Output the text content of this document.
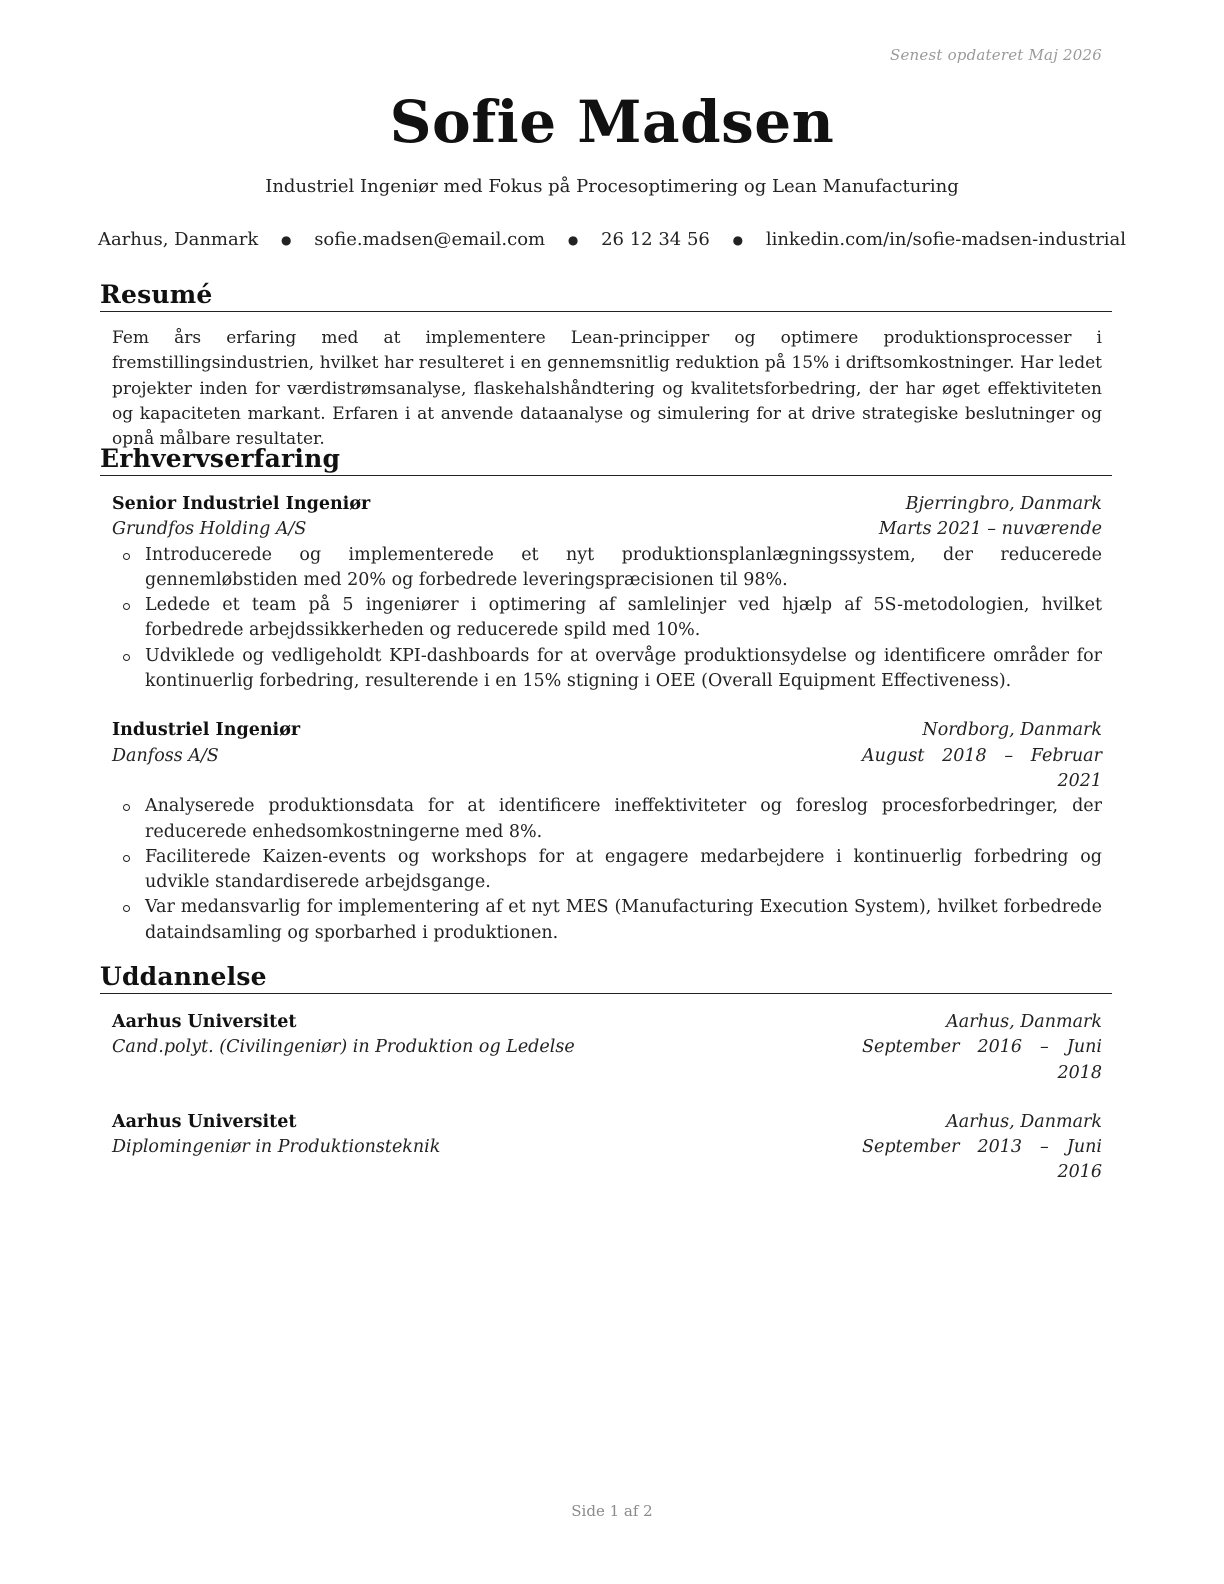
Senest opdateret Maj 2026
Sofie Madsen
Industriel Ingeniør med Fokus på Procesoptimering og Lean Manufacturing
Aarhus, Danmark ● sofie.madsen@email.com ● 26 12 34 56 ● linkedin.com/in/sofie-madsen-industrial
Resumé
Fem års erfaring med at implementere Lean-principper og optimere produktionsprocesser i fremstillingsindustrien, hvilket har resulteret i en gennemsnitlig reduktion på 15% i driftsomkostninger. Har ledet projekter inden for værdistrømsanalyse, flaskehalshåndtering og kvalitetsforbedring, der har øget effektiviteten og kapaciteten markant. Erfaren i at anvende dataanalyse og simulering for at drive strategiske beslutninger og opnå målbare resultater.
Erhvervserfaring
Senior Industriel Ingeniør	Bjerringbro, Danmark
Grundfos Holding A/S	Marts 2021 – nuværende
Introducerede og implementerede et nyt produktionsplanlægningssystem, der reducerede gennemløbstiden med 20% og forbedrede leveringspræcisionen til 98%.
Ledede et team på 5 ingeniører i optimering af samlelinjer ved hjælp af 5S-metodologien, hvilket forbedrede arbejdssikkerheden og reducerede spild med 10%.
Udviklede og vedligeholdt KPI-dashboards for at overvåge produktionsydelse og identificere områder for kontinuerlig forbedring, resulterende i en 15% stigning i OEE (Overall Equipment Effectiveness).
Industriel Ingeniør	Nordborg, Danmark
Danfoss A/S	August 2018 – Februar 2021
Analyserede produktionsdata for at identificere ineffektiviteter og foreslog procesforbedringer, der reducerede enhedsomkostningerne med 8%.
Faciliterede Kaizen-events og workshops for at engagere medarbejdere i kontinuerlig forbedring og udvikle standardiserede arbejdsgange.
Var medansvarlig for implementering af et nyt MES (Manufacturing Execution System), hvilket forbedrede dataindsamling og sporbarhed i produktionen.
Uddannelse
Aarhus Universitet	Aarhus, Danmark
Cand.polyt. (Civilingeniør) in Produktion og Ledelse	September 2016 – Juni 2018
Aarhus Universitet	Aarhus, Danmark
Diplomingeniør in Produktionsteknik	September 2013 – Juni 2016
Side 1 af 2
